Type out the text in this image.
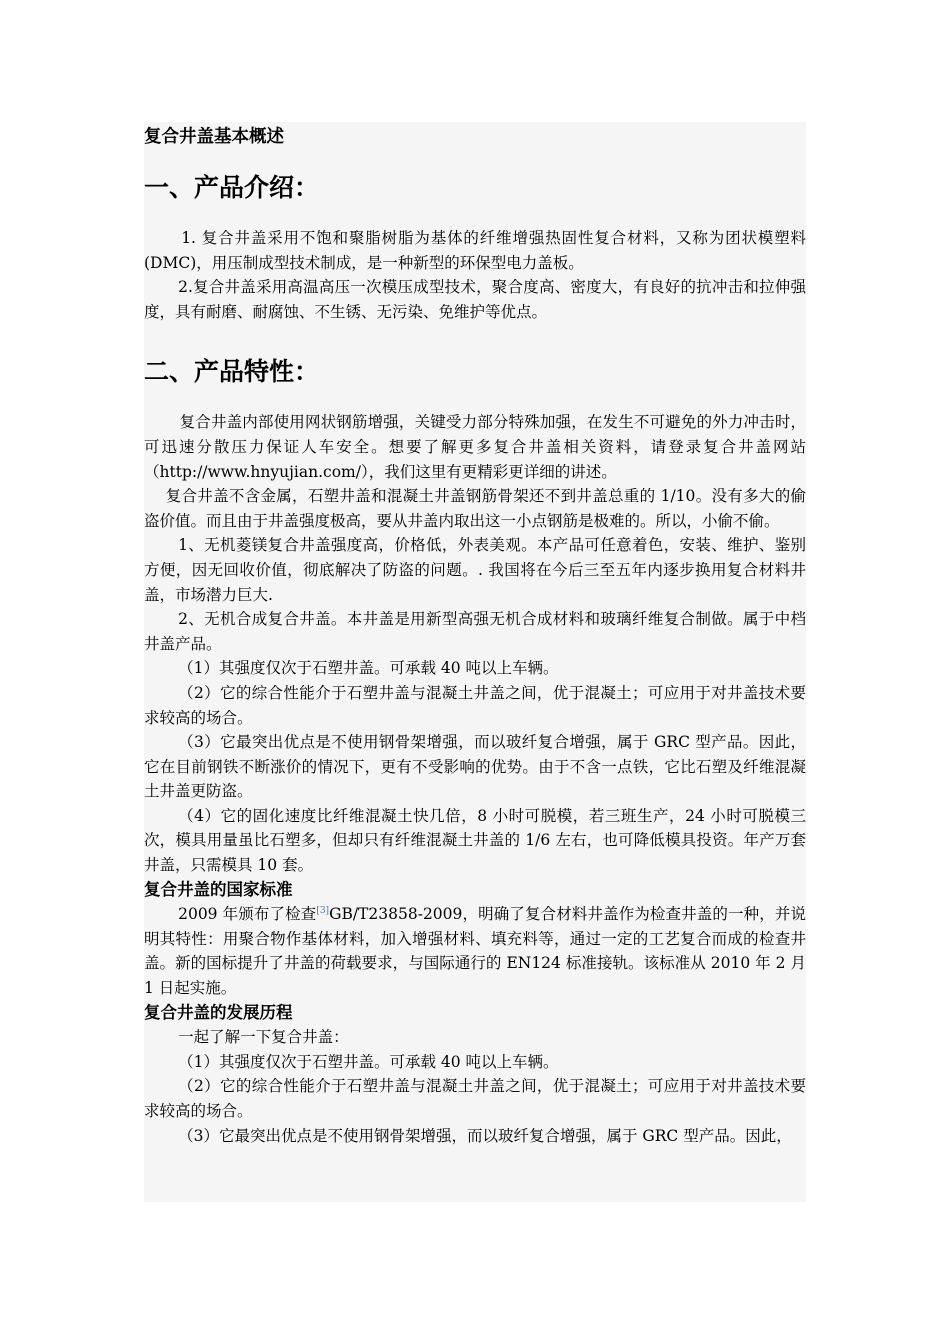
复合井盖基本概述
一、产品介绍：

1. 复合井盖采用不饱和聚脂树脂为基体的纤维增强热固性复合材料，又称为团状模塑料(DMC)，用压制成型技术制成，是一种新型的环保型电力盖板。

2.复合井盖采用高温高压一次模压成型技术，聚合度高、密度大，有良好的抗冲击和拉伸强度，具有耐磨、耐腐蚀、不生锈、无污染、免维护等优点。

二、产品特性：

复合井盖内部使用网状钢筋增强，关键受力部分特殊加强，在发生不可避免的外力冲击时，可迅速分散压力保证人车安全。想要了解更多复合井盖相关资料，请登录复合井盖网站（http://www.hnyujian.com/），我们这里有更精彩更详细的讲述。

复合井盖不含金属，石塑井盖和混凝土井盖钢筋骨架还不到井盖总重的 1/10。没有多大的偷盗价值。而且由于井盖强度极高，要从井盖内取出这一小点钢筋是极难的。所以，小偷不偷。

1、无机菱镁复合井盖强度高，价格低，外表美观。本产品可任意着色，安装、维护、鉴别方便，因无回收价值，彻底解决了防盗的问题。. 我国将在今后三至五年内逐步换用复合材料井盖，市场潜力巨大.

2、无机合成复合井盖。本井盖是用新型高强无机合成材料和玻璃纤维复合制做。属于中档井盖产品。

（1）其强度仅次于石塑井盖。可承载 40 吨以上车辆。

（2）它的综合性能介于石塑井盖与混凝土井盖之间，优于混凝土；可应用于对井盖技术要求较高的场合。

（3）它最突出优点是不使用钢骨架增强，而以玻纤复合增强，属于 GRC 型产品。因此，它在目前钢铁不断涨价的情况下，更有不受影响的优势。由于不含一点铁，它比石塑及纤维混凝土井盖更防盗。

（4）它的固化速度比纤维混凝土快几倍，8 小时可脱模，若三班生产，24 小时可脱模三次，模具用量虽比石塑多，但却只有纤维混凝土井盖的 1/6 左右，也可降低模具投资。年产万套井盖，只需模具 10 套。

复合井盖的国家标准

2009 年颁布了检查[3]GB/T23858-2009，明确了复合材料井盖作为检查井盖的一种，并说明其特性：用聚合物作基体材料，加入增强材料、填充料等，通过一定的工艺复合而成的检查井盖。新的国标提升了井盖的荷载要求，与国际通行的 EN124 标准接轨。该标准从 2010 年 2 月 1 日起实施。

复合井盖的发展历程

一起了解一下复合井盖：

（1）其强度仅次于石塑井盖。可承载 40 吨以上车辆。

（2）它的综合性能介于石塑井盖与混凝土井盖之间，优于混凝土；可应用于对井盖技术要求较高的场合。

（3）它最突出优点是不使用钢骨架增强，而以玻纤复合增强，属于 GRC 型产品。因此，
